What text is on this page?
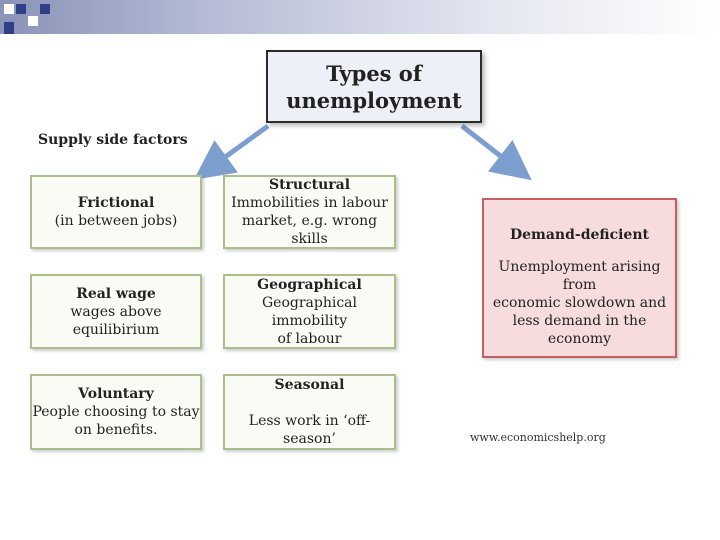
Types of
unemployment
Supply side factors
Frictional
(in between jobs)
Structural
Immobilities in labour
market, e.g. wrong skills
Real wage
wages above
equilibirium
Geographical
Geographical immobility
of labour
Voluntary
People choosing to stay
on benefits.
Seasonal

Less work in ‘off-season’
Demand-deficient
Unemployment arising from
economic slowdown and
less demand in the economy
www.economicshelp.org
